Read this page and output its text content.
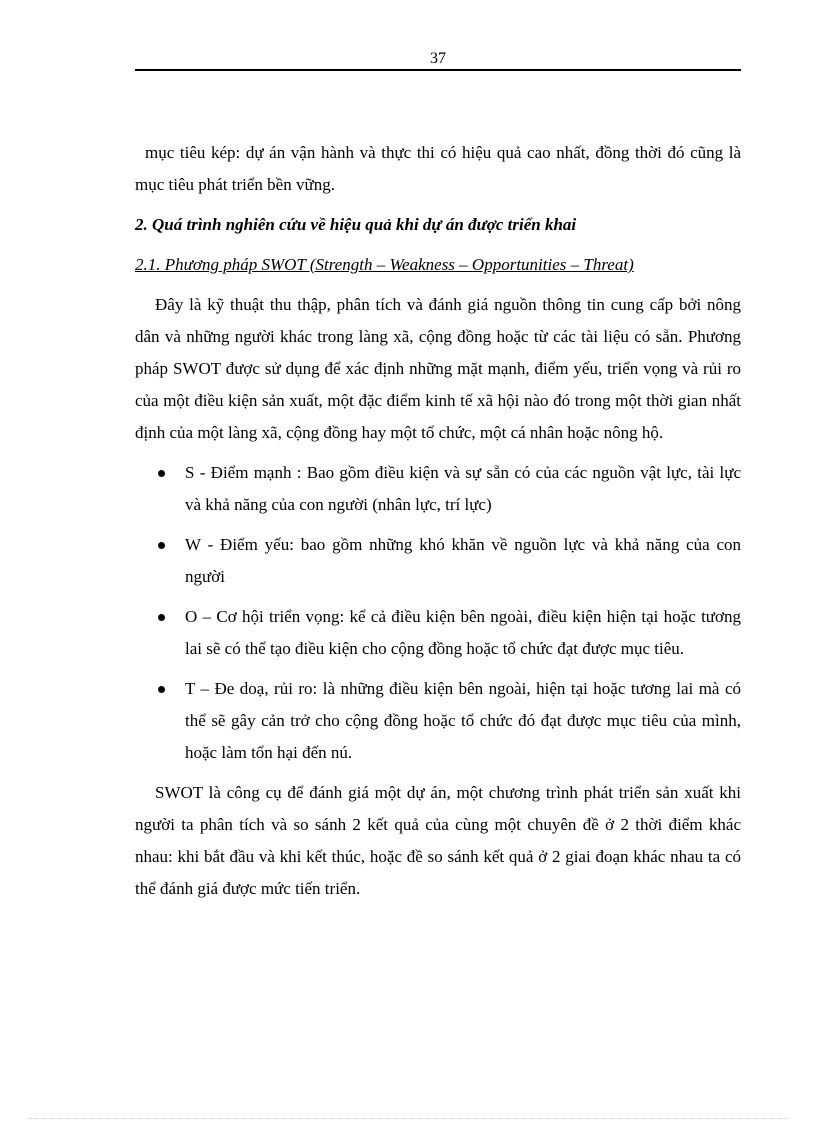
37

mục tiêu kép: dự án vận hành và thực thi có hiệu quả cao nhất, đồng thời đó cũng là mục tiêu phát triển bền vững.

2. Quá trình nghiên cứu về hiệu quả khi dự án được triển khai

2.1. Phương pháp SWOT (Strength – Weakness – Opportunities – Threat)

Đây là kỹ thuật thu thập, phân tích và đánh giá nguồn thông tin cung cấp bởi nông dân và những người khác trong làng xã, cộng đồng hoặc từ các tài liệu có sẵn. Phương pháp SWOT được sử dụng để xác định những mặt mạnh, điểm yếu, triển vọng và rủi ro của một điều kiện sản xuất, một đặc điểm kinh tế xã hội nào đó trong một thời gian nhất định của một làng xã, cộng đồng hay một tổ chức, một cá nhân hoặc nông hộ.

S - Điểm mạnh : Bao gồm điều kiện và sự sẵn có của các nguồn vật lực, tài lực và khả năng của con người (nhân lực, trí lực)
W - Điểm yếu: bao gồm những khó khăn về nguồn lực và khả năng của con người
O – Cơ hội triển vọng: kể cả điều kiện bên ngoài, điều kiện hiện tại hoặc tương lai sẽ có thể tạo điều kiện cho cộng đồng hoặc tổ chức đạt được mục tiêu.
T – Đe doạ, rủi ro: là những điều kiện bên ngoài, hiện tại hoặc tương lai mà có thể sẽ gây cản trở cho cộng đồng hoặc tổ chức đó đạt được mục tiêu của mình, hoặc làm tổn hại đến nú.

SWOT là công cụ để đánh giá một dự án, một chương trình phát triển sản xuất khi người ta phân tích và so sánh 2 kết quả của cùng một chuyên đề ở 2 thời điểm khác nhau: khi bắt đầu và khi kết thúc, hoặc đề so sánh kết quả ở 2 giai đoạn khác nhau ta có thể đánh giá được mức tiến triển.
